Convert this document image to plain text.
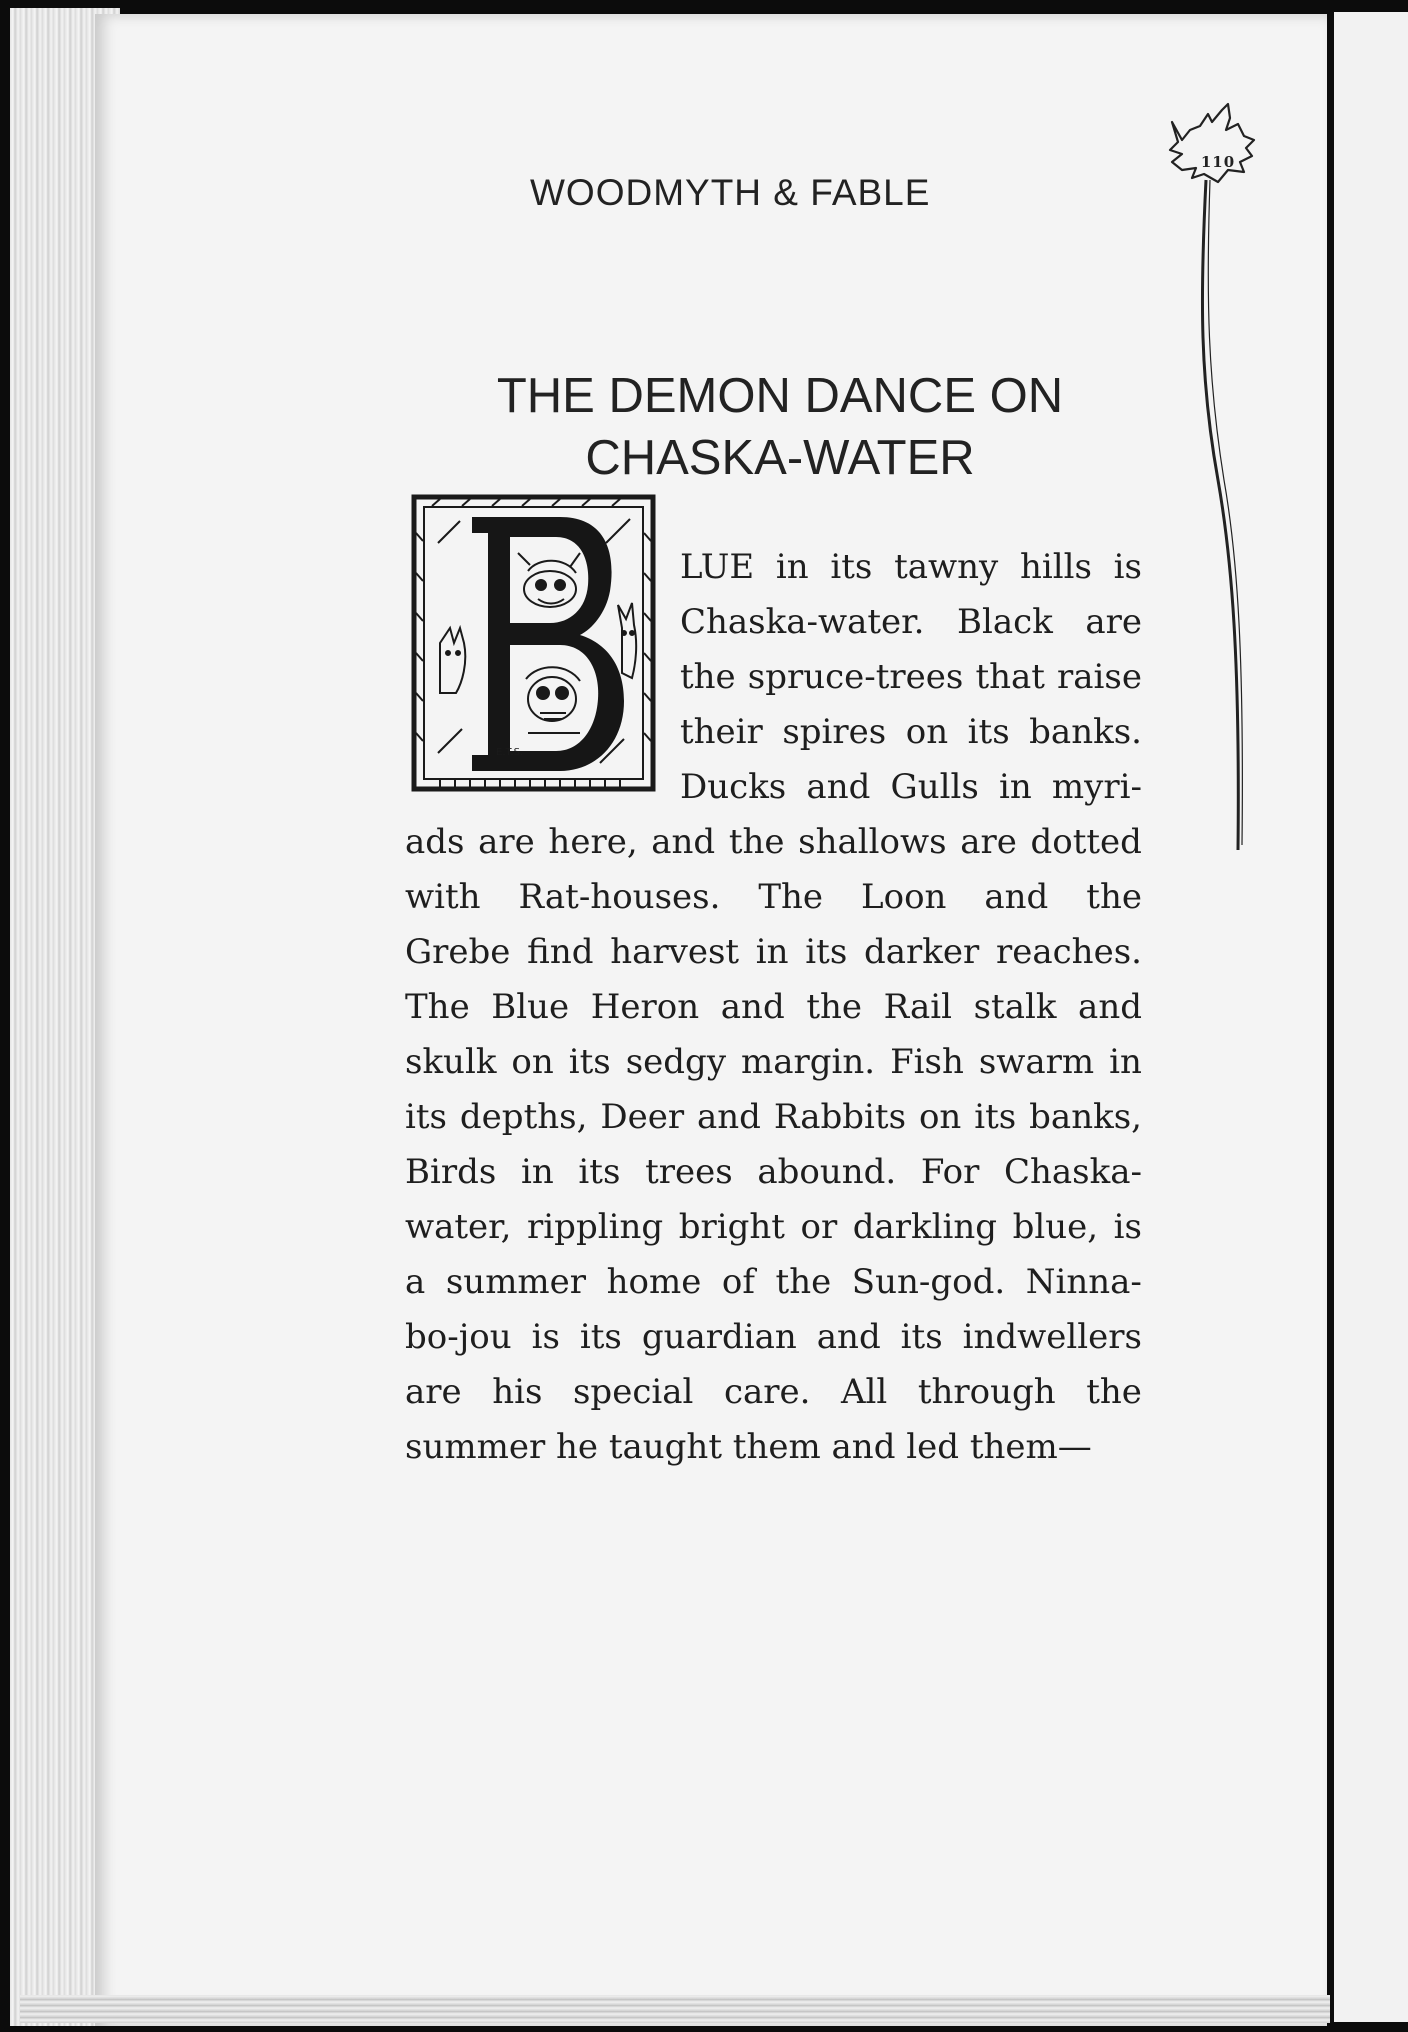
WOODMYTH & FABLE
110
THE DEMON DANCE ON
CHASKA-WATER
E.T.S.
LUE in its tawny hills is
Chaska-water. Black are
the spruce-trees that raise
their spires on its banks.
Ducks and Gulls in myri-
ads are here, and the shallows are dotted
with Rat-houses. The Loon and the
Grebe find harvest in its darker reaches.
The Blue Heron and the Rail stalk and
skulk on its sedgy margin. Fish swarm in
its depths, Deer and Rabbits on its banks,
Birds in its trees abound. For Chaska-
water, rippling bright or darkling blue, is
a summer home of the Sun-god. Ninna-
bo-jou is its guardian and its indwellers
are his special care. All through the
summer he taught them and led them—
